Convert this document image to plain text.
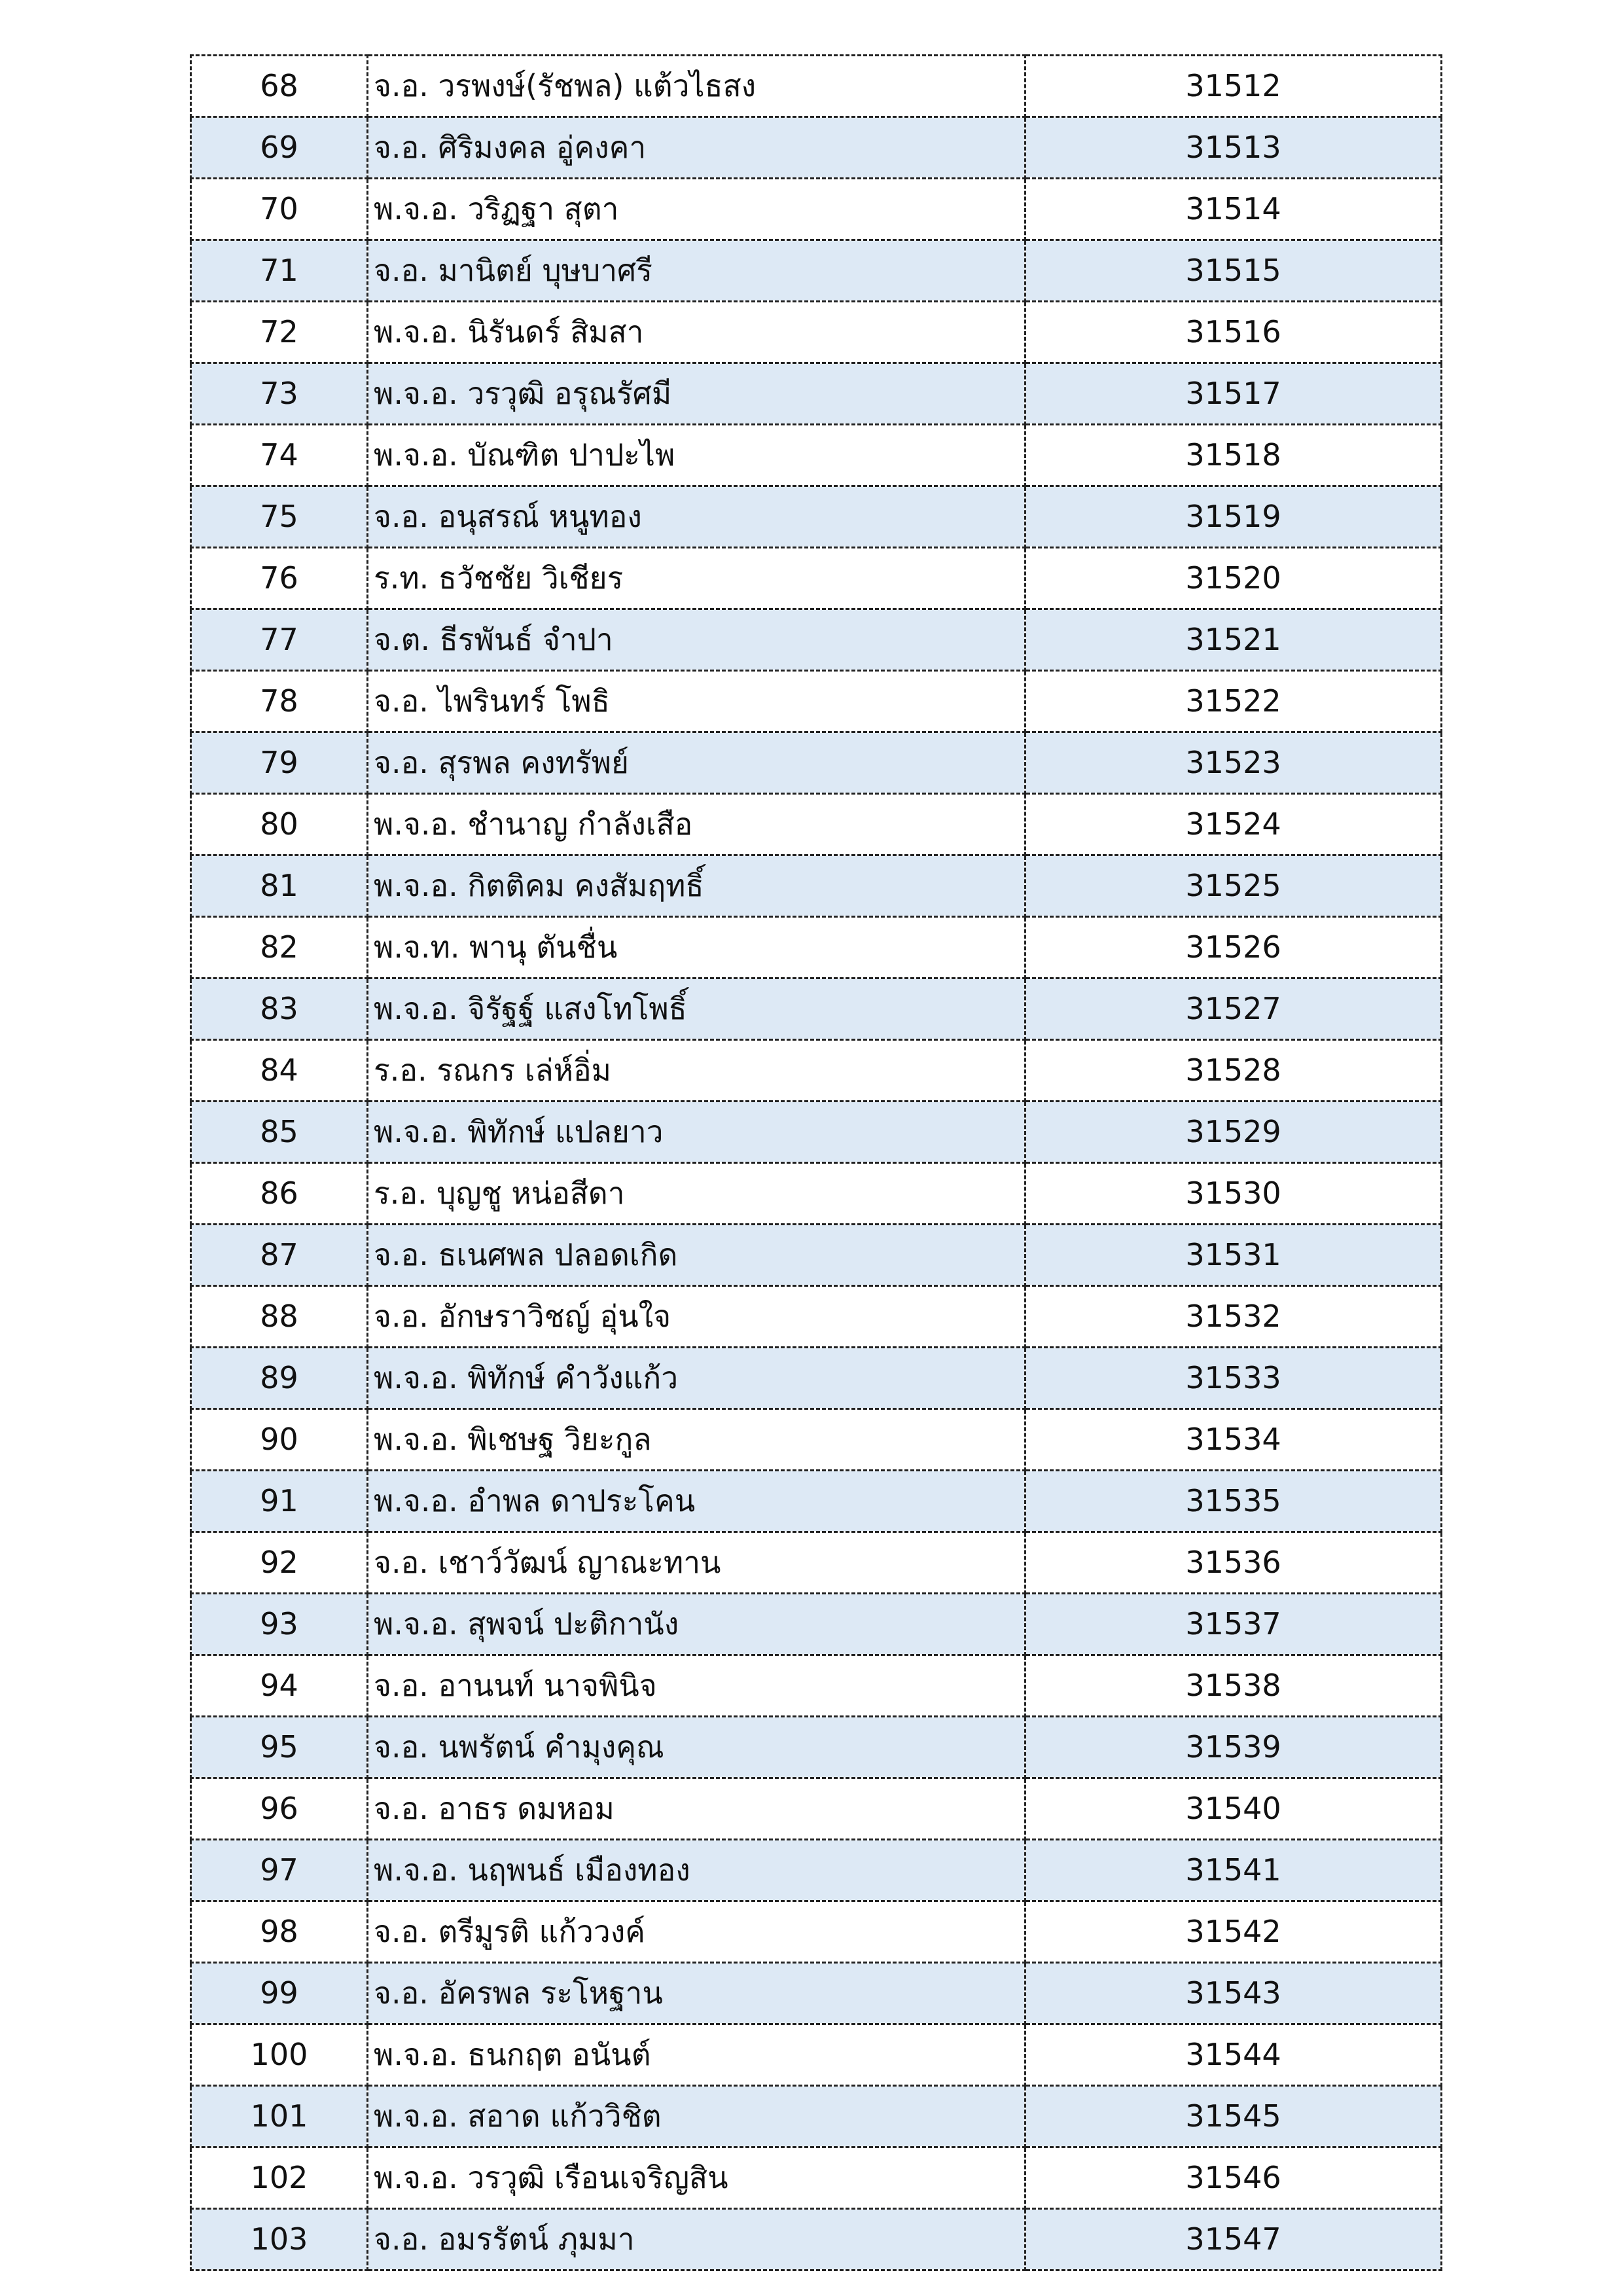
68	จ.อ. วรพงษ์(รัชพล) แต้วไธสง	31512
69	จ.อ. ศิริมงคล อู่คงคา	31513
70	พ.จ.อ. วริฏฐา สุตา	31514
71	จ.อ. มานิตย์ บุษบาศรี	31515
72	พ.จ.อ. นิรันดร์ สิมสา	31516
73	พ.จ.อ. วรวุฒิ อรุณรัศมี	31517
74	พ.จ.อ. บัณฑิต ปาปะไพ	31518
75	จ.อ. อนุสรณ์ หนูทอง	31519
76	ร.ท. ธวัชชัย วิเชียร	31520
77	จ.ต. ธีรพันธ์ จำปา	31521
78	จ.อ. ไพรินทร์ โพธิ	31522
79	จ.อ. สุรพล คงทรัพย์	31523
80	พ.จ.อ. ชำนาญ กำลังเสือ	31524
81	พ.จ.อ. กิตติคม คงสัมฤทธิ์	31525
82	พ.จ.ท. พานุ ตันชื่น	31526
83	พ.จ.อ. จิรัฐฐ์ แสงโทโพธิ์	31527
84	ร.อ. รณกร เล่ห์อิ่ม	31528
85	พ.จ.อ. พิทักษ์ แปลยาว	31529
86	ร.อ. บุญชู หน่อสีดา	31530
87	จ.อ. ธเนศพล ปลอดเกิด	31531
88	จ.อ. อักษราวิชญ์ อุ่นใจ	31532
89	พ.จ.อ. พิทักษ์ คำวังแก้ว	31533
90	พ.จ.อ. พิเชษฐ วิยะกูล	31534
91	พ.จ.อ. อำพล ดาประโคน	31535
92	จ.อ. เชาว์วัฒน์ ญาณะทาน	31536
93	พ.จ.อ. สุพจน์ ปะติกานัง	31537
94	จ.อ. อานนท์ นาจพินิจ	31538
95	จ.อ. นพรัตน์ คำมุงคุณ	31539
96	จ.อ. อาธร ดมหอม	31540
97	พ.จ.อ. นฤพนธ์ เมืองทอง	31541
98	จ.อ. ตรีมูรติ แก้ววงค์	31542
99	จ.อ. อัครพล ระโหฐาน	31543
100	พ.จ.อ. ธนกฤต อนันต์	31544
101	พ.จ.อ. สอาด แก้ววิชิต	31545
102	พ.จ.อ. วรวุฒิ เรือนเจริญสิน	31546
103	จ.อ. อมรรัตน์ ภุมมา	31547
